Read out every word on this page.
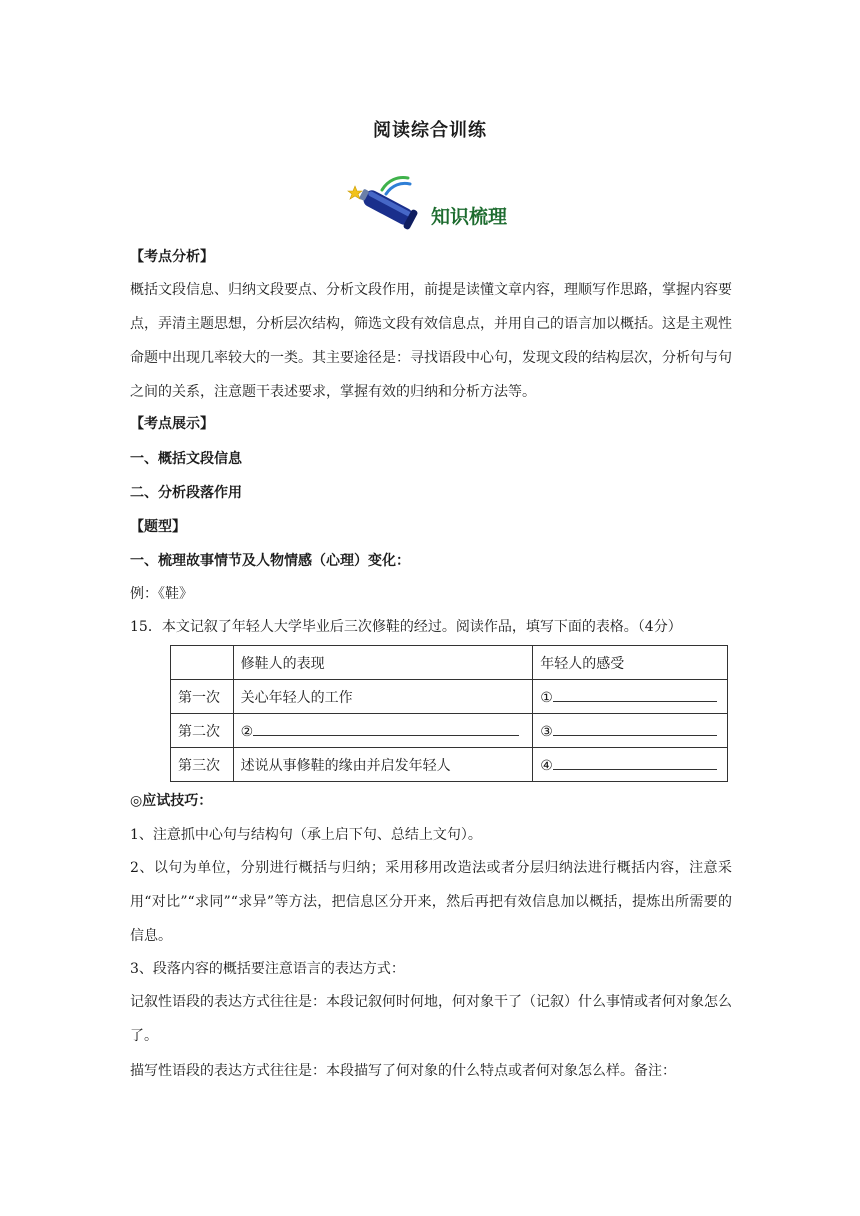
阅读综合训练
知识梳理
【考点分析】
概括文段信息、归纳文段要点、分析文段作用，前提是读懂文章内容，理顺写作思路，掌握内容要点，弄清主题思想，分析层次结构，筛选文段有效信息点，并用自己的语言加以概括。这是主观性命题中出现几率较大的一类。其主要途径是：寻找语段中心句，发现文段的结构层次，分析句与句之间的关系，注意题干表述要求，掌握有效的归纳和分析方法等。
【考点展示】
一、概括文段信息
二、分析段落作用
【题型】
一、梳理故事情节及人物情感（心理）变化：
例：《鞋》
15．本文记叙了年轻人大学毕业后三次修鞋的经过。阅读作品，填写下面的表格。（4分）
	修鞋人的表现	年轻人的感受
第一次	关心年轻人的工作	①
第二次	②	③
第三次	述说从事修鞋的缘由并启发年轻人	④
◎应试技巧：
1、注意抓中心句与结构句（承上启下句、总结上文句）。
2、以句为单位，分别进行概括与归纳；采用移用改造法或者分层归纳法进行概括内容，注意采用“对比”“求同”“求异”等方法，把信息区分开来，然后再把有效信息加以概括，提炼出所需要的信息。
3、段落内容的概括要注意语言的表达方式：
记叙性语段的表达方式往往是：本段记叙何时何地，何对象干了（记叙）什么事情或者何对象怎么了。
描写性语段的表达方式往往是：本段描写了何对象的什么特点或者何对象怎么样。备注：
